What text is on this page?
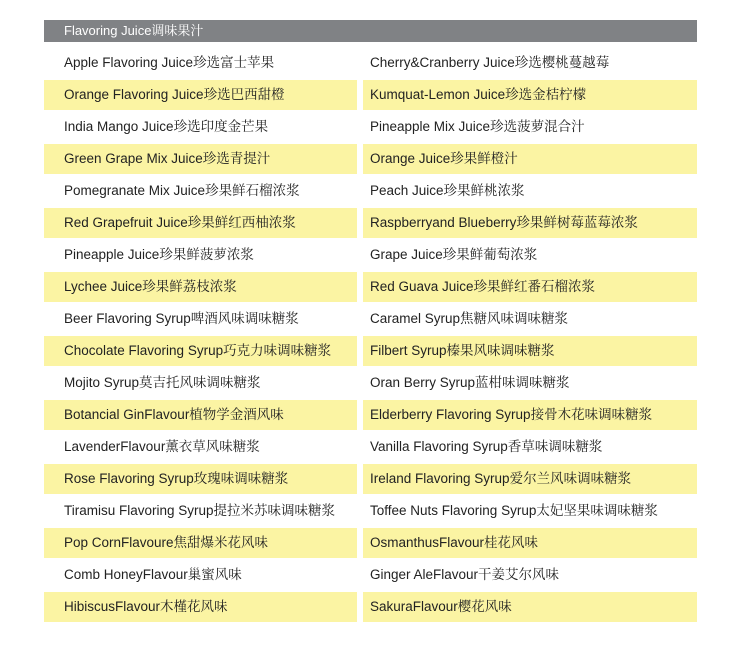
Flavoring Juice调味果汁
Apple Flavoring Juice珍选富士苹果	Cherry&Cranberry Juice珍选樱桃蔓越莓
Orange Flavoring Juice珍选巴西甜橙	Kumquat-Lemon Juice珍选金桔柠檬
India Mango Juice珍选印度金芒果	Pineapple Mix Juice珍选菠萝混合汁
Green Grape Mix Juice珍选青提汁	Orange Juice珍果鲜橙汁
Pomegranate Mix Juice珍果鲜石榴浓浆	Peach Juice珍果鲜桃浓浆
Red Grapefruit Juice珍果鲜红西柚浓浆	Raspberryand Blueberry珍果鲜树莓蓝莓浓浆
Pineapple Juice珍果鲜菠萝浓浆	Grape Juice珍果鲜葡萄浓浆
Lychee Juice珍果鲜荔枝浓浆	Red Guava Juice珍果鲜红番石榴浓浆
Beer Flavoring Syrup啤酒风味调味糖浆	Caramel Syrup焦糖风味调味糖浆
Chocolate Flavoring Syrup巧克力味调味糖浆	Filbert Syrup榛果风味调味糖浆
Mojito Syrup莫吉托风味调味糖浆	Oran Berry Syrup蓝柑味调味糖浆
Botancial GinFlavour植物学金酒风味	Elderberry Flavoring Syrup接骨木花味调味糖浆
LavenderFlavour薰衣草风味糖浆	Vanilla Flavoring Syrup香草味调味糖浆
Rose Flavoring Syrup玫瑰味调味糖浆	Ireland Flavoring Syrup爱尔兰风味调味糖浆
Tiramisu Flavoring Syrup提拉米苏味调味糖浆	Toffee Nuts Flavoring Syrup太妃坚果味调味糖浆
Pop CornFlavoure焦甜爆米花风味	OsmanthusFlavour桂花风味
Comb HoneyFlavour巢蜜风味	Ginger AleFlavour干姜艾尔风味
HibiscusFlavour木槿花风味	SakuraFlavour樱花风味
